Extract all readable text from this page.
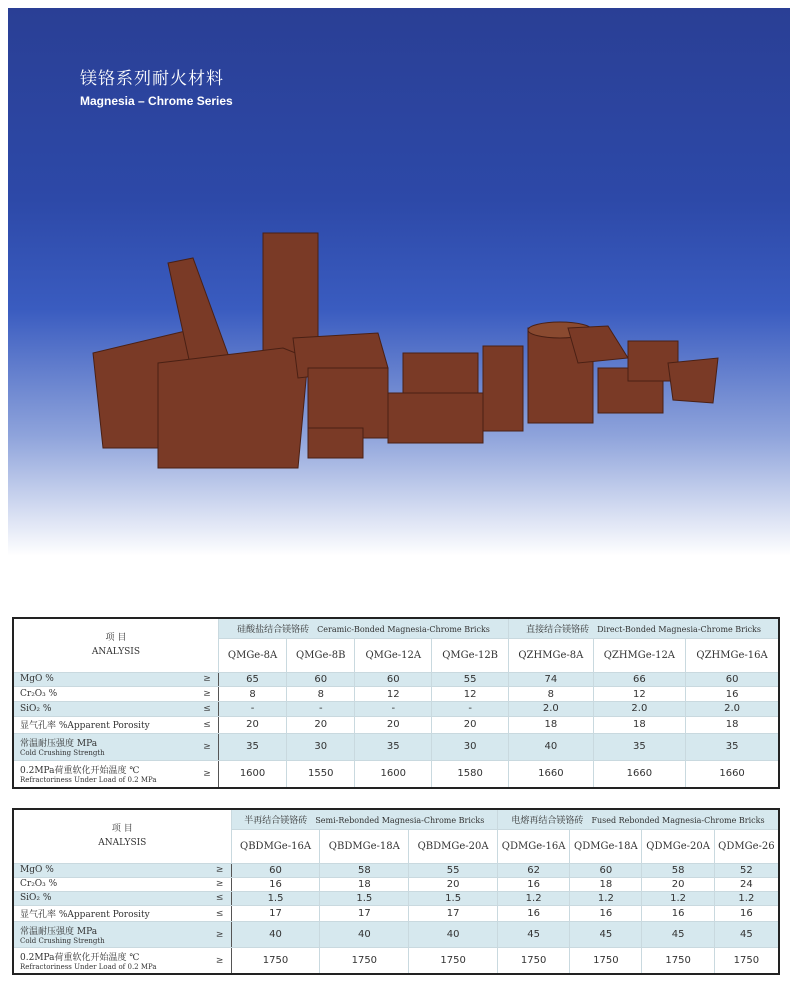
镁铬系列耐火材料
Magnesia – Chrome Series
项 目
ANALYSIS		硅酸盐结合镁铬砖 Ceramic-Bonded Magnesia-Chrome Bricks				直接结合镁铬砖 Direct-Bonded Magnesia-Chrome Bricks		
		QMGe-8A	QMGe-8B	QMGe-12A	QMGe-12B	QZHMGe-8A	QZHMGe-12A	QZHMGe-16A
MgO %	≥	65	60	60	55	74	66	60
Cr₂O₃ %	≥	8	8	12	12	8	12	16
SiO₂ %	≤	-	-	-	-	2.0	2.0	2.0
显气孔率 %Apparent Porosity	≤	20	20	20	20	18	18	18
常温耐压强度 MPa
Cold Crushing Strength	≥	35	30	35	30	40	35	35
0.2MPa荷重软化开始温度 ℃
Refractoriness Under Load of 0.2 MPa	≥	1600	1550	1600	1580	1660	1660	1660
项 目
ANALYSIS		半再结合镁铬砖 Semi-Rebonded Magnesia-Chrome Bricks			电熔再结合镁铬砖 Fused Rebonded Magnesia-Chrome Bricks			
		QBDMGe-16A	QBDMGe-18A	QBDMGe-20A	QDMGe-16A	QDMGe-18A	QDMGe-20A	QDMGe-26
MgO %	≥	60	58	55	62	60	58	52
Cr₂O₃ %	≥	16	18	20	16	18	20	24
SiO₂ %	≤	1.5	1.5	1.5	1.2	1.2	1.2	1.2
显气孔率 %Apparent Porosity	≤	17	17	17	16	16	16	16
常温耐压强度 MPa
Cold Crushing Strength	≥	40	40	40	45	45	45	45
0.2MPa荷重软化开始温度 ℃
Refractoriness Under Load of 0.2 MPa	≥	1750	1750	1750	1750	1750	1750	1750
